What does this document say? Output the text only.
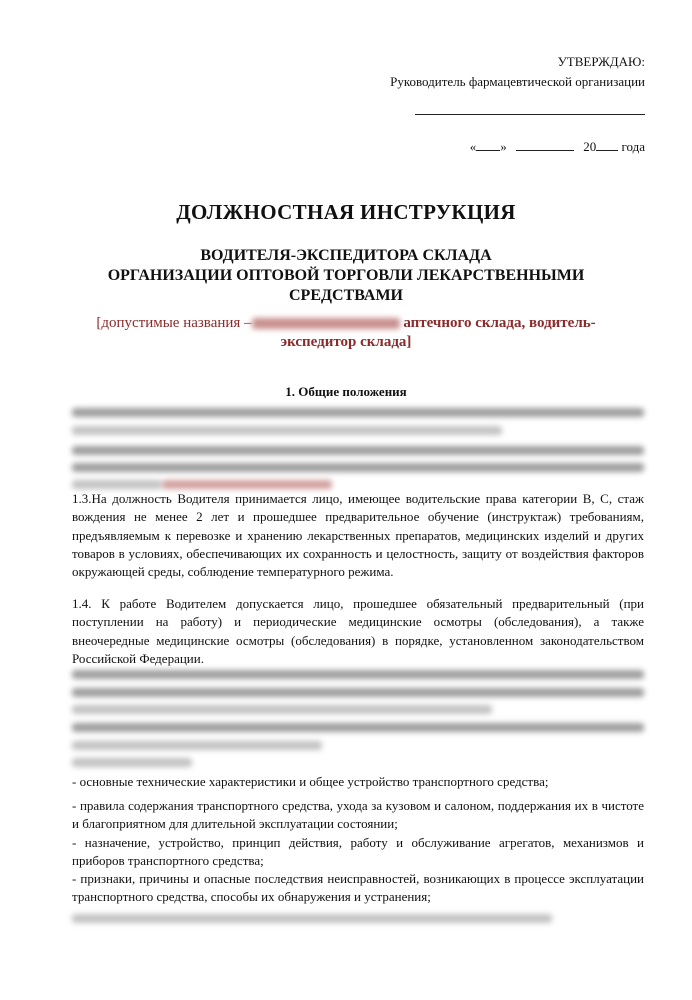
УТВЕРЖДАЮ:
Руководитель фармацевтической организации
« »	20 года
ДОЛЖНОСТНАЯ ИНСТРУКЦИЯ
ВОДИТЕЛЯ-ЭКСПЕДИТОРА СКЛАДА
ОРГАНИЗАЦИИ ОПТОВОЙ ТОРГОВЛИ ЛЕКАРСТВЕННЫМИ СРЕДСТВАМИ
[допустимые названия –	аптечного склада, водитель-экспедитор склада]
1. Общие положения

1.3.На должность Водителя принимается лицо, имеющее водительские права категории В, С, стаж вождения не менее 2 лет и прошедшее предварительное обучение (инструктаж) требованиям, предъявляемым к перевозке и хранению лекарственных препаратов, медицинских изделий и других товаров в условиях, обеспечивающих их сохранность и целостность, защиту от воздействия факторов окружающей среды, соблюдение температурного режима.

1.4. К работе Водителем допускается лицо, прошедшее обязательный предварительный (при поступлении на работу) и периодические медицинские осмотры (обследования), а также внеочередные медицинские осмотры (обследования) в порядке, установленном законодательством Российской Федерации.

- основные технические характеристики и общее устройство транспортного средства;
- правила содержания транспортного средства, ухода за кузовом и салоном, поддержания их в чистоте и благоприятном для длительной эксплуатации состоянии;
- назначение, устройство, принцип действия, работу и обслуживание агрегатов, механизмов и приборов транспортного средства;
- признаки, причины и опасные последствия неисправностей, возникающих в процессе эксплуатации транспортного средства, способы их обнаружения и устранения;
